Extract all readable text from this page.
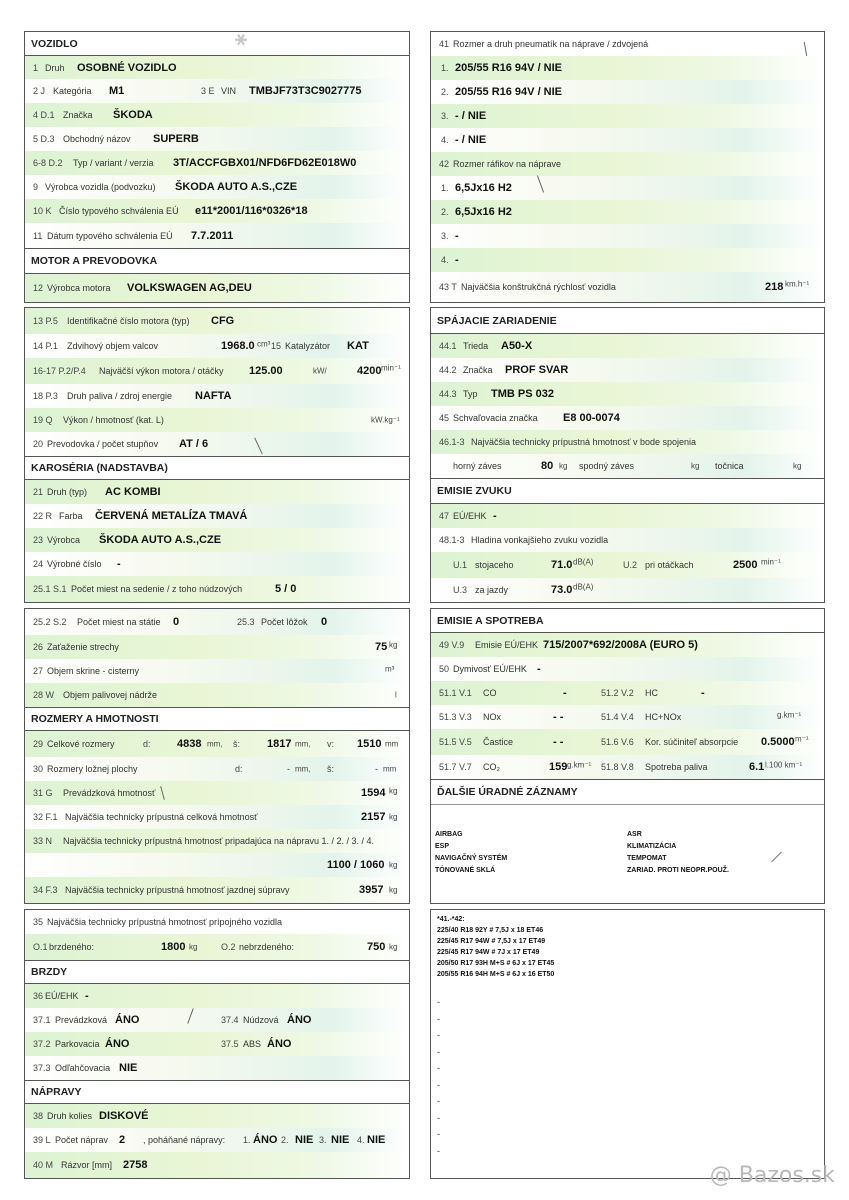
VOZIDLO
1 Druh OSOBNÉ VOZIDLO
2 J Kategória M1	3 E VIN TMBJF73T3C9027775
4 D.1 Značka ŠKODA
5 D.3 Obchodný názov SUPERB
6-8 D.2 Typ / variant / verzia 3T/ACCFGBX01/NFD6FD62E018W0
9 Výrobca vozidla (podvozku) ŠKODA AUTO A.S.,CZE
10 K Číslo typového schválenia EÚ e11*2001/116*0326*18
11 Dátum typového schválenia EÚ 7.7.2011
MOTOR A PREVODOVKA
12 Výrobca motora VOLKSWAGEN AG,DEU
⚹	41 Rozmer a druh pneumatík na náprave / zdvojená
1. 205/55 R16 94V / NIE
2. 205/55 R16 94V / NIE
3. - / NIE
4. - / NIE
42 Rozmer ráfikov na náprave
1. 6,5Jx16 H2
2. 6,5Jx16 H2
3. -
4. -
43 T Najväčšia konštrukčná rýchlosť vozidla	218 km.h⁻¹
13 P.5 Identifikačné číslo motora (typ) CFG
14 P.1 Zdvihový objem valcov	1968.0 cm³ 15 Katalyzátor KAT
16-17 P.2/P.4 Najväčší výkon motora / otáčky 125.00	kW/	4200 min⁻¹
18 P.3 Druh paliva / zdroj energie NAFTA
19 Q Výkon / hmotnosť (kat. L)	kW.kg⁻¹
20 Prevodovka / počet stupňov AT / 6
KAROSÉRIA (NADSTAVBA)
21 Druh (typ) AC KOMBI
22 R Farba ČERVENÁ METALÍZA TMAVÁ
23 Výrobca ŠKODA AUTO A.S.,CZE
24 Výrobné číslo -
25.1 S.1 Počet miest na sedenie / z toho núdzových	5 / 0
SPÁJACIE ZARIADENIE
44.1 Trieda A50-X
44.2 Značka PROF SVAR
44.3 Typ TMB PS 032
45 Schvaľovacia značka E8 00-0074
46.1-3 Najväčšia technicky prípustná hmotnosť v bode spojenia
horný záves	80 kg spodný záves	kg točnica	kg
EMISIE ZVUKU
47 EÚ/EHK -
48.1-3 Hladina vonkajšieho zvuku vozidla
U.1 stojaceho	71.0 dB(A)	U.2 pri otáčkach	2500 min⁻¹
U.3 za jazdy	73.0 dB(A)
25.2 S.2 Počet miest na státie 0	25.3 Počet lôžok 0
26 Zaťaženie strechy	75 kg
27 Objem skrine - cisterny	m³
28 W Objem palivovej nádrže	l
ROZMERY A HMOTNOSTI
29 Celkové rozmery	d: 4838 mm, š: 1817 mm, v: 1510 mm
30 Rozmery ložnej plochy	d:	- mm, š:	- mm
31 G Prevádzková hmotnosť	1594 kg
32 F.1 Najväčšia technicky prípustná celková hmotnosť	2157 kg
33 N Najväčšia technicky prípustná hmotnosť pripadajúca na nápravu 1. / 2. / 3. / 4.
1100 / 1060 kg
34 F.3 Najväčšia technicky prípustná hmotnosť jazdnej súpravy	3957 kg
EMISIE A SPOTREBA
49 V.9 Emisie EÚ/EHK 715/2007*692/2008A (EURO 5)
50 Dymivosť EÚ/EHK -
51.1 V.1 CO	-	51.2 V.2 HC	-
51.3 V.3 NOx	- -	51.4 V.4 HC+NOx	g.km⁻¹
51.5 V.5 Častice	- -	51.6 V.6 Kor. súčiniteľ absorpcie 0.5000 m⁻¹
51.7 V.7 CO₂	159 g.km⁻¹ 51.8 V.8 Spotreba paliva	6.1 l.100 km⁻¹
ĎALŠIE ÚRADNÉ ZÁZNAMY
AIRBAG
ESP
NAVIGAČNÝ SYSTÉM
TÓNOVANÉ SKLÁ
ASR
KLIMATIZÁCIA
TEMPOMAT
ZARIAD. PROTI NEOPR.POUŽ.
35 Najväčšia technicky prípustná hmotnosť prípojného vozidla
O.1 brzdeného:	1800 kg	O.2 nebrzdeného:	750 kg
BRZDY
36 EÚ/EHK -
37.1 Prevádzková ÁNO	37.4 Núdzová ÁNO
37.2 Parkovacia ÁNO	37.5 ABS ÁNO
37.3 Odľahčovacia NIE
NÁPRAVY
38 Druh kolies DISKOVÉ
39 L Počet náprav 2 , poháňané nápravy: 1. ÁNO 2. NIE 3. NIE 4. NIE
40 M Rázvor [mm] 2758
*41.-*42:
225/40 R18 92Y # 7,5J x 18 ET46
225/45 R17 94W # 7,5J x 17 ET49
225/45 R17 94W # 7J x 17 ET49
205/50 R17 93H M+S # 6J x 17 ET45
205/55 R16 94H M+S # 6J x 16 ET50
-
-
-
-
-
-
-
-
-
-
@ Bazos.sk
